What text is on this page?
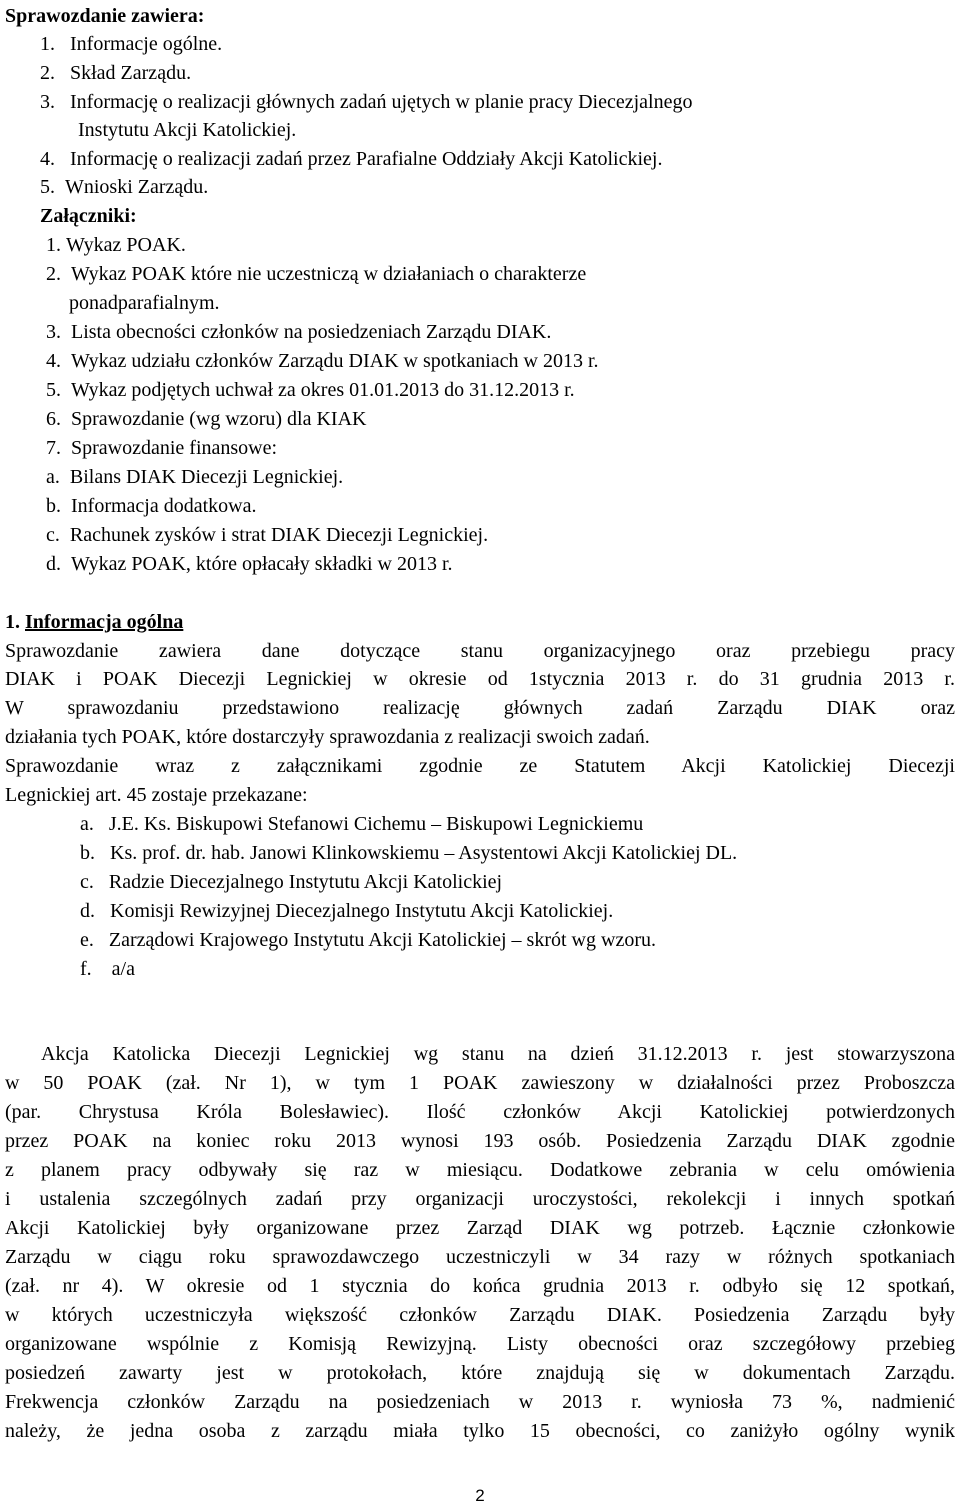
Sprawozdanie zawiera:
1. Informacje ogólne.
2. Skład Zarządu.
3. Informację o realizacji głównych zadań ujętych w planie pracy Diecezjalnego
Instytutu Akcji Katolickiej.
4. Informację o realizacji zadań przez Parafialne Oddziały Akcji Katolickiej.
5. Wnioski Zarządu.
Załączniki:
1. Wykaz POAK.
2. Wykaz POAK które nie uczestniczą w działaniach o charakterze
ponadparafialnym.
3. Lista obecności członków na posiedzeniach Zarządu DIAK.
4. Wykaz udziału członków Zarządu DIAK w spotkaniach w 2013 r.
5. Wykaz podjętych uchwał za okres 01.01.2013 do 31.12.2013 r.
6. Sprawozdanie (wg wzoru) dla KIAK
7. Sprawozdanie finansowe:
a. Bilans DIAK Diecezji Legnickiej.
b. Informacja dodatkowa.
c. Rachunek zysków i strat DIAK Diecezji Legnickiej.
d. Wykaz POAK, które opłacały składki w 2013 r.
1. Informacja ogólna
Sprawozdanie zawiera dane dotyczące stanu organizacyjnego oraz przebiegu pracy
DIAK i POAK Diecezji Legnickiej w okresie od 1stycznia 2013 r. do 31 grudnia 2013 r.
W sprawozdaniu przedstawiono realizację głównych zadań Zarządu DIAK oraz
działania tych POAK, które dostarczyły sprawozdania z realizacji swoich zadań.
Sprawozdanie wraz z załącznikami zgodnie ze Statutem Akcji Katolickiej Diecezji
Legnickiej art. 45 zostaje przekazane:
a. J.E. Ks. Biskupowi Stefanowi Cichemu – Biskupowi Legnickiemu
b. Ks. prof. dr. hab. Janowi Klinkowskiemu – Asystentowi Akcji Katolickiej DL.
c. Radzie Diecezjalnego Instytutu Akcji Katolickiej
d. Komisji Rewizyjnej Diecezjalnego Instytutu Akcji Katolickiej.
e. Zarządowi Krajowego Instytutu Akcji Katolickiej – skrót wg wzoru.
f. a/a
Akcja Katolicka Diecezji Legnickiej wg stanu na dzień 31.12.2013 r. jest stowarzyszona
w 50 POAK (zał. Nr 1), w tym 1 POAK zawieszony w działalności przez Proboszcza
(par. Chrystusa Króla Bolesławiec). Ilość członków Akcji Katolickiej potwierdzonych
przez POAK na koniec roku 2013 wynosi 193 osób. Posiedzenia Zarządu DIAK zgodnie
z planem pracy odbywały się raz w miesiącu. Dodatkowe zebrania w celu omówienia
i ustalenia szczególnych zadań przy organizacji uroczystości, rekolekcji i innych spotkań
Akcji Katolickiej były organizowane przez Zarząd DIAK wg potrzeb. Łącznie członkowie
Zarządu w ciągu roku sprawozdawczego uczestniczyli w 34 razy w różnych spotkaniach
(zał. nr 4). W okresie od 1 stycznia do końca grudnia 2013 r. odbyło się 12 spotkań,
w których uczestniczyła większość członków Zarządu DIAK. Posiedzenia Zarządu były
organizowane wspólnie z Komisją Rewizyjną. Listy obecności oraz szczegółowy przebieg
posiedzeń zawarty jest w protokołach, które znajdują się w dokumentach Zarządu.
Frekwencja członków Zarządu na posiedzeniach w 2013 r. wyniosła 73 %, nadmienić
należy, że jedna osoba z zarządu miała tylko 15 obecności, co zaniżyło ogólny wynik
2
